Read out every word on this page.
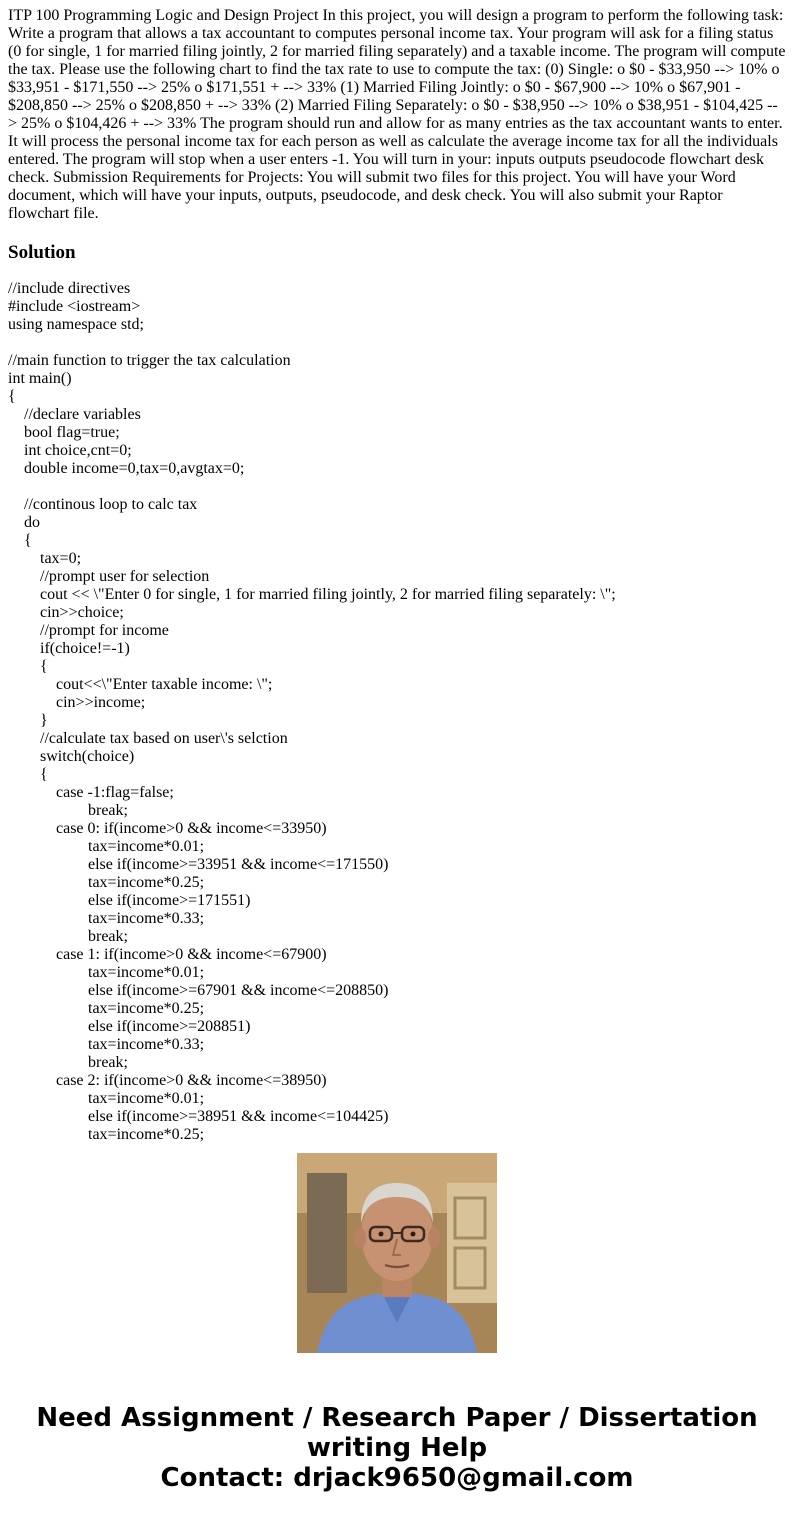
ITP 100 Programming Logic and Design Project In this project, you will design a program to perform the following task: Write a program that allows a tax accountant to computes personal income tax. Your program will ask for a filing status (0 for single, 1 for married filing jointly, 2 for married filing separately) and a taxable income. The program will compute the tax. Please use the following chart to find the tax rate to use to compute the tax: (0) Single: o $0 - $33,950 --> 10% o $33,951 - $171,550 --> 25% o $171,551 + --> 33% (1) Married Filing Jointly: o $0 - $67,900 --> 10% o $67,901 - $208,850 --> 25% o $208,850 + --> 33% (2) Married Filing Separately: o $0 - $38,950 --> 10% o $38,951 - $104,425 --> 25% o $104,426 + --> 33% The program should run and allow for as many entries as the tax accountant wants to enter. It will process the personal income tax for each person as well as calculate the average income tax for all the individuals entered. The program will stop when a user enters -1. You will turn in your: inputs outputs pseudocode flowchart desk check. Submission Requirements for Projects: You will submit two files for this project. You will have your Word document, which will have your inputs, outputs, pseudocode, and desk check. You will also submit your Raptor flowchart file.
Solution
//include directives
#include <iostream>
using namespace std;

//main function to trigger the tax calculation
int main()
{
//declare variables
bool flag=true;
int choice,cnt=0;
double income=0,tax=0,avgtax=0;

//continous loop to calc tax
do
{
tax=0;
//prompt user for selection
cout << \"Enter 0 for single, 1 for married filing jointly, 2 for married filing separately: \";
cin>>choice;
//prompt for income
if(choice!=-1)
{
cout<<\"Enter taxable income: \";
cin>>income;
}
//calculate tax based on user\'s selction
switch(choice)
{
case -1:flag=false;
break;
case 0: if(income>0 && income<=33950)
tax=income*0.01;
else if(income>=33951 && income<=171550)
tax=income*0.25;
else if(income>=171551)
tax=income*0.33;
break;
case 1: if(income>0 && income<=67900)
tax=income*0.01;
else if(income>=67901 && income<=208850)
tax=income*0.25;
else if(income>=208851)
tax=income*0.33;
break;
case 2: if(income>0 && income<=38950)
tax=income*0.01;
else if(income>=38951 && income<=104425)
tax=income*0.25;
Need Assignment / Research Paper / Dissertation
writing Help
Contact: drjack9650@gmail.com
